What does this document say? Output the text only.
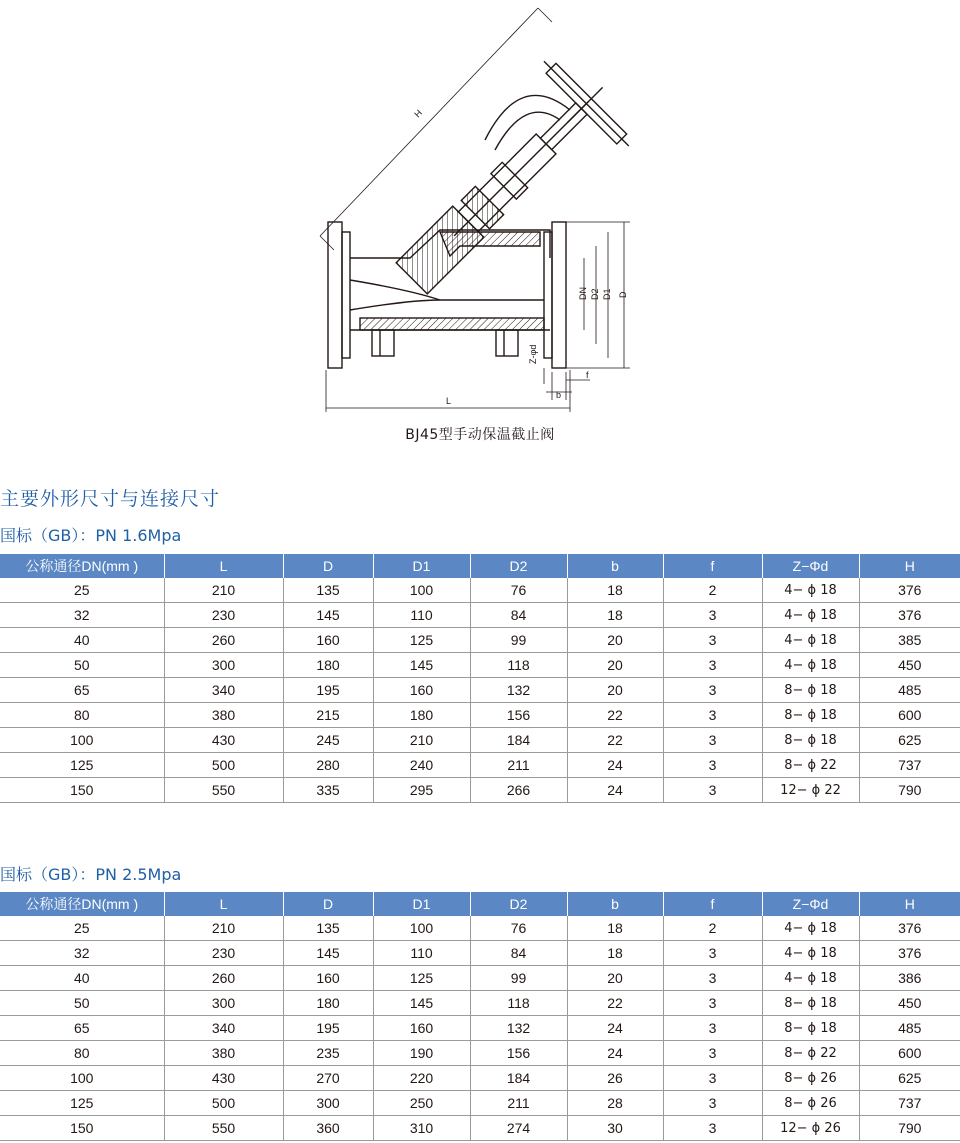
H
L
DN D2 D1 D
b
f
Z-φd
BJ45型手动保温截止阀
主要外形尺寸与连接尺寸
国标（GB）：PN 1.6Mpa
公称通径DN(mm )	L	D	D1	D2	b	f	Z−Φd	H
25	210	135	100	76	18	2	4− ϕ 18	376
32	230	145	110	84	18	3	4− ϕ 18	376
40	260	160	125	99	20	3	4− ϕ 18	385
50	300	180	145	118	20	3	4− ϕ 18	450
65	340	195	160	132	20	3	8− ϕ 18	485
80	380	215	180	156	22	3	8− ϕ 18	600
100	430	245	210	184	22	3	8− ϕ 18	625
125	500	280	240	211	24	3	8− ϕ 22	737
150	550	335	295	266	24	3	12− ϕ 22	790
国标（GB）：PN 2.5Mpa
公称通径DN(mm )	L	D	D1	D2	b	f	Z−Φd	H
25	210	135	100	76	18	2	4− ϕ 18	376
32	230	145	110	84	18	3	4− ϕ 18	376
40	260	160	125	99	20	3	4− ϕ 18	386
50	300	180	145	118	22	3	8− ϕ 18	450
65	340	195	160	132	24	3	8− ϕ 18	485
80	380	235	190	156	24	3	8− ϕ 22	600
100	430	270	220	184	26	3	8− ϕ 26	625
125	500	300	250	211	28	3	8− ϕ 26	737
150	550	360	310	274	30	3	12− ϕ 26	790
